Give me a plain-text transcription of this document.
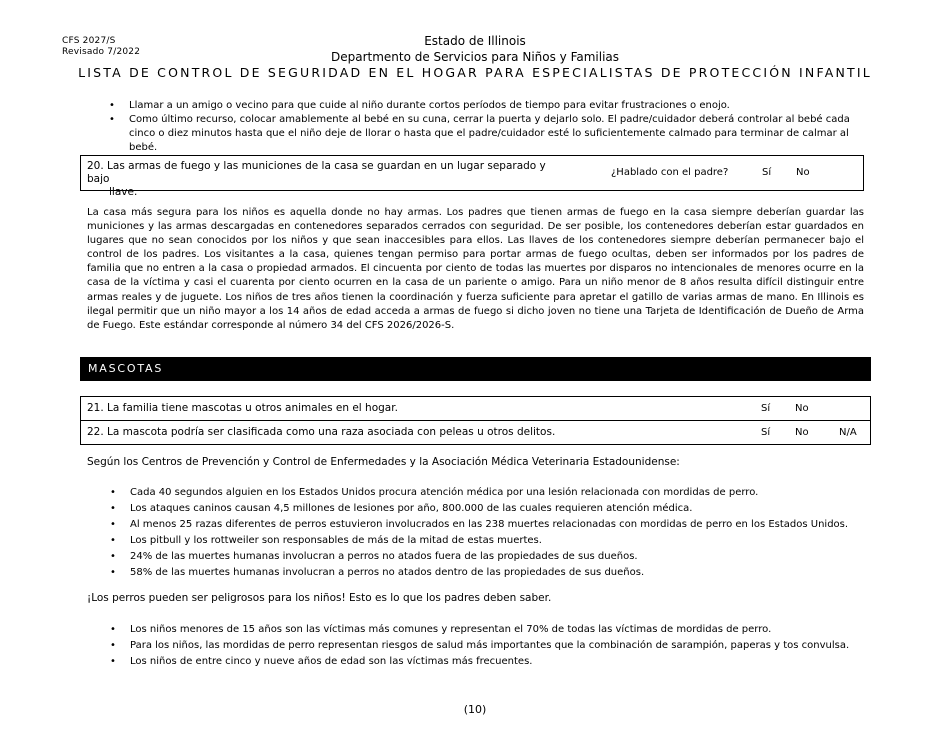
CFS 2027/S
Revisado 7/2022
Estado de Illinois
Departmento de Servicios para Niños y Familias
LISTA DE CONTROL DE SEGURIDAD EN EL HOGAR PARA ESPECIALISTAS DE PROTECCIÓN INFANTIL
• Llamar a un amigo o vecino para que cuide al niño durante cortos períodos de tiempo para evitar frustraciones o enojo.
• Como último recurso, colocar amablemente al bebé en su cuna, cerrar la puerta y dejarlo solo. El padre/cuidador deberá controlar al bebé cada cinco o diez minutos hasta que el niño deje de llorar o hasta que el padre/cuidador esté lo suficientemente calmado para terminar de calmar al bebé.
20. Las armas de fuego y las municiones de la casa se guardan en un lugar separado y bajo
llave.
¿Hablado con el padre?	Sí No
La casa más segura para los niños es aquella donde no hay armas. Los padres que tienen armas de fuego en la casa siempre deberían guardar las municiones y las armas descargadas en contenedores separados cerrados con seguridad. De ser posible, los contenedores deberían estar guardados en lugares que no sean conocidos por los niños y que sean inaccesibles para ellos. Las llaves de los contenedores siempre deberían permanecer bajo el control de los padres. Los visitantes a la casa, quienes tengan permiso para portar armas de fuego ocultas, deben ser informados por los padres de familia que no entren a la casa o propiedad armados. El cincuenta por ciento de todas las muertes por disparos no intencionales de menores ocurre en la casa de la víctima y casi el cuarenta por ciento ocurren en la casa de un pariente o amigo. Para un niño menor de 8 años resulta difícil distinguir entre armas reales y de juguete. Los niños de tres años tienen la coordinación y fuerza suficiente para apretar el gatillo de varias armas de mano. En Illinois es ilegal permitir que un niño mayor a los 14 años de edad acceda a armas de fuego si dicho joven no tiene una Tarjeta de Identificación de Dueño de Arma de Fuego. Este estándar corresponde al número 34 del CFS 2026/2026-S.
MASCOTAS
21. La familia tiene mascotas u otros animales en el hogar.	Sí No
22. La mascota podría ser clasificada como una raza asociada con peleas u otros delitos.	Sí No	N/A
Según los Centros de Prevención y Control de Enfermedades y la Asociación Médica Veterinaria Estadounidense:
• Cada 40 segundos alguien en los Estados Unidos procura atención médica por una lesión relacionada con mordidas de perro.
• Los ataques caninos causan 4,5 millones de lesiones por año, 800.000 de las cuales requieren atención médica.
• Al menos 25 razas diferentes de perros estuvieron involucrados en las 238 muertes relacionadas con mordidas de perro en los Estados Unidos.
• Los pitbull y los rottweiler son responsables de más de la mitad de estas muertes.
• 24% de las muertes humanas involucran a perros no atados fuera de las propiedades de sus dueños.
• 58% de las muertes humanas involucran a perros no atados dentro de las propiedades de sus dueños.
¡Los perros pueden ser peligrosos para los niños! Esto es lo que los padres deben saber.
• Los niños menores de 15 años son las víctimas más comunes y representan el 70% de todas las víctimas de mordidas de perro.
• Para los niños, las mordidas de perro representan riesgos de salud más importantes que la combinación de sarampión, paperas y tos convulsa.
• Los niños de entre cinco y nueve años de edad son las víctimas más frecuentes.
(10)
